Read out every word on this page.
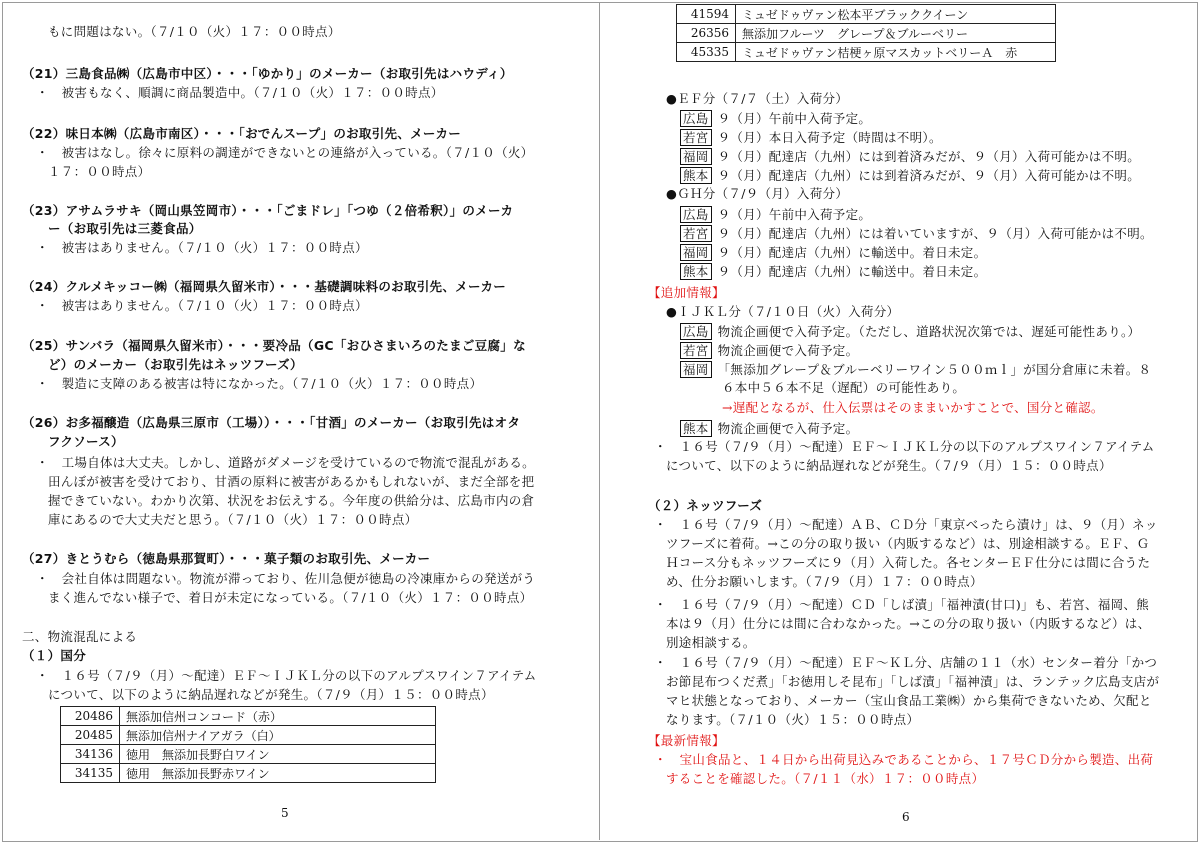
もに問題はない。（７/１０（火）１７：００時点）
（21）三島食品㈱（広島市中区）・・・「ゆかり」のメーカー（お取引先はハウディ）
・　被害もなく、順調に商品製造中。（７/１０（火）１７：００時点）
（22）味日本㈱（広島市南区）・・・「おでんスープ」のお取引先、メーカー
・　被害はなし。徐々に原料の調達ができないとの連絡が入っている。（７/１０（火）
１７：００時点）
（23）アサムラサキ（岡山県笠岡市）・・・「ごまドレ」「つゆ（２倍希釈）」のメーカ
ー（お取引先は三菱食品）
・　被害はありません。（７/１０（火）１７：００時点）
（24）クルメキッコー㈱（福岡県久留米市）・・・基礎調味料のお取引先、メーカー
・　被害はありません。（７/１０（火）１７：００時点）
（25）サンバラ（福岡県久留米市）・・・要冷品（GC「おひさまいろのたまご豆腐」な
ど）のメーカー（お取引先はネッツフーズ）
・　製造に支障のある被害は特になかった。（７/１０（火）１７：００時点）
（26）お多福醸造（広島県三原市（工場））・・・「甘酒」のメーカー（お取引先はオタ
フクソース）
・　工場自体は大丈夫。しかし、道路がダメージを受けているので物流で混乱がある。
田んぼが被害を受けており、甘酒の原料に被害があるかもしれないが、まだ全部を把
握できていない。わかり次第、状況をお伝えする。今年度の供給分は、広島市内の倉
庫にあるので大丈夫だと思う。（７/１０（火）１７：００時点）
（27）きとうむら（徳島県那賀町）・・・菓子類のお取引先、メーカー
・　会社自体は問題ない。物流が滞っており、佐川急便が徳島の冷凍庫からの発送がう
まく進んでない様子で、着日が未定になっている。（７/１０（火）１７：００時点）
二、物流混乱による
（１）国分
・　１６号（７/９（月）～配達）ＥＦ～ＩＪＫＬ分の以下のアルプスワイン７アイテム
について、以下のように納品遅れなどが発生。（７/９（月）１５：００時点）
20486	無添加信州コンコード（赤）
20485	無添加信州ナイアガラ（白）
34136	徳用　無添加長野白ワイン
34135	徳用　無添加長野赤ワイン
5
41594	ミュゼドゥヴァン松本平ブラッククイーン
26356	無添加フルーツ　グレープ＆ブルーベリー
45335	ミュゼドゥヴァン桔梗ヶ原マスカットベリーＡ　赤
●ＥＦ分（７/７（土）入荷分）
広島 ９（月）午前中入荷予定。
若宮 ９（月）本日入荷予定（時間は不明）。
福岡 ９（月）配達店（九州）には到着済みだが、９（月）入荷可能かは不明。
熊本 ９（月）配達店（九州）には到着済みだが、９（月）入荷可能かは不明。
●ＧＨ分（７/９（月）入荷分）
広島 ９（月）午前中入荷予定。
若宮 ９（月）配達店（九州）には着いていますが、９（月）入荷可能かは不明。
福岡 ９（月）配達店（九州）に輸送中。着日未定。
熊本 ９（月）配達店（九州）に輸送中。着日未定。
【追加情報】
●ＩＪＫＬ分（７/１０日（火）入荷分）
広島 物流企画便で入荷予定。（ただし、道路状況次第では、遅延可能性あり。）
若宮 物流企画便で入荷予定。
福岡 「無添加グレープ＆ブルーベリーワイン５００ｍｌ」が国分倉庫に未着。８
６本中５６本不足（遅配）の可能性あり。
→遅配となるが、仕入伝票はそのままいかすことで、国分と確認。
熊本 物流企画便で入荷予定。
・　１６号（７/９（月）～配達）ＥＦ～ＩＪＫＬ分の以下のアルプスワイン７アイテム
について、以下のように納品遅れなどが発生。（７/９（月）１５：００時点）
（２）ネッツフーズ
・　１６号（７/９（月）～配達）ＡＢ、ＣＤ分「東京べったら漬け」は、９（月）ネッ
ツフーズに着荷。→この分の取り扱い（内販するなど）は、別途相談する。ＥＦ、Ｇ
Ｈコース分もネッツフーズに９（月）入荷した。各センターＥＦ仕分には間に合うた
め、仕分お願いします。（７/９（月）１７：００時点）
・　１６号（７/９（月）～配達）ＣＤ「しば漬」「福神漬(甘口)」も、若宮、福岡、熊
本は９（月）仕分には間に合わなかった。→この分の取り扱い（内販するなど）は、
別途相談する。
・　１６号（７/９（月）～配達）ＥＦ～ＫＬ分、店舗の１１（水）センター着分「かつ
お節昆布つくだ煮」「お徳用しそ昆布」「しば漬」「福神漬」は、ランテック広島支店が
マヒ状態となっており、メーカー（宝山食品工業㈱）から集荷できないため、欠配と
なります。（７/１０（火）１５：００時点）
【最新情報】
・　宝山食品と、１４日から出荷見込みであることから、１７号ＣＤ分から製造、出荷
することを確認した。（７/１１（水）１７：００時点）
6
